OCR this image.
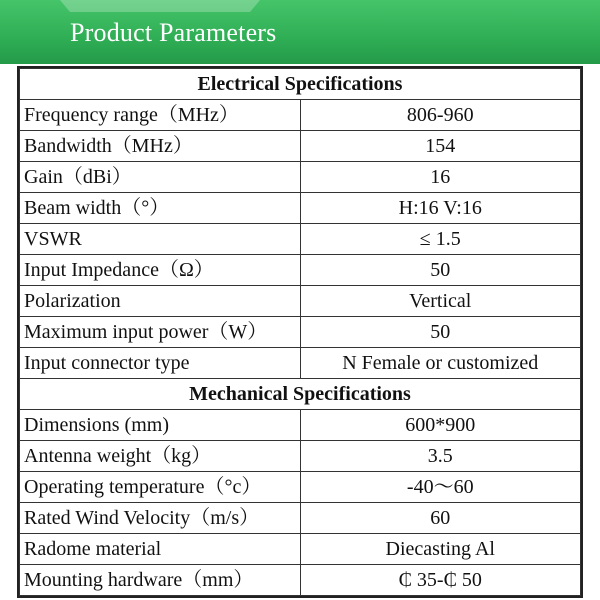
Product Parameters
Electrical Specifications	
Frequency range（MHz）	806-960
Bandwidth（MHz）	154
Gain（dBi）	16
Beam width（°）	H:16 V:16
VSWR	≤ 1.5
Input Impedance（Ω）	50
Polarization	Vertical
Maximum input power（W）	50
Input connector type	N Female or customized
Mechanical Specifications	
Dimensions (mm)	600*900
Antenna weight（kg）	3.5
Operating temperature（°c）	-40～60
Rated Wind Velocity（m/s）	60
Radome material	Diecasting Al
Mounting hardware（mm）	₵ 35-₵ 50
